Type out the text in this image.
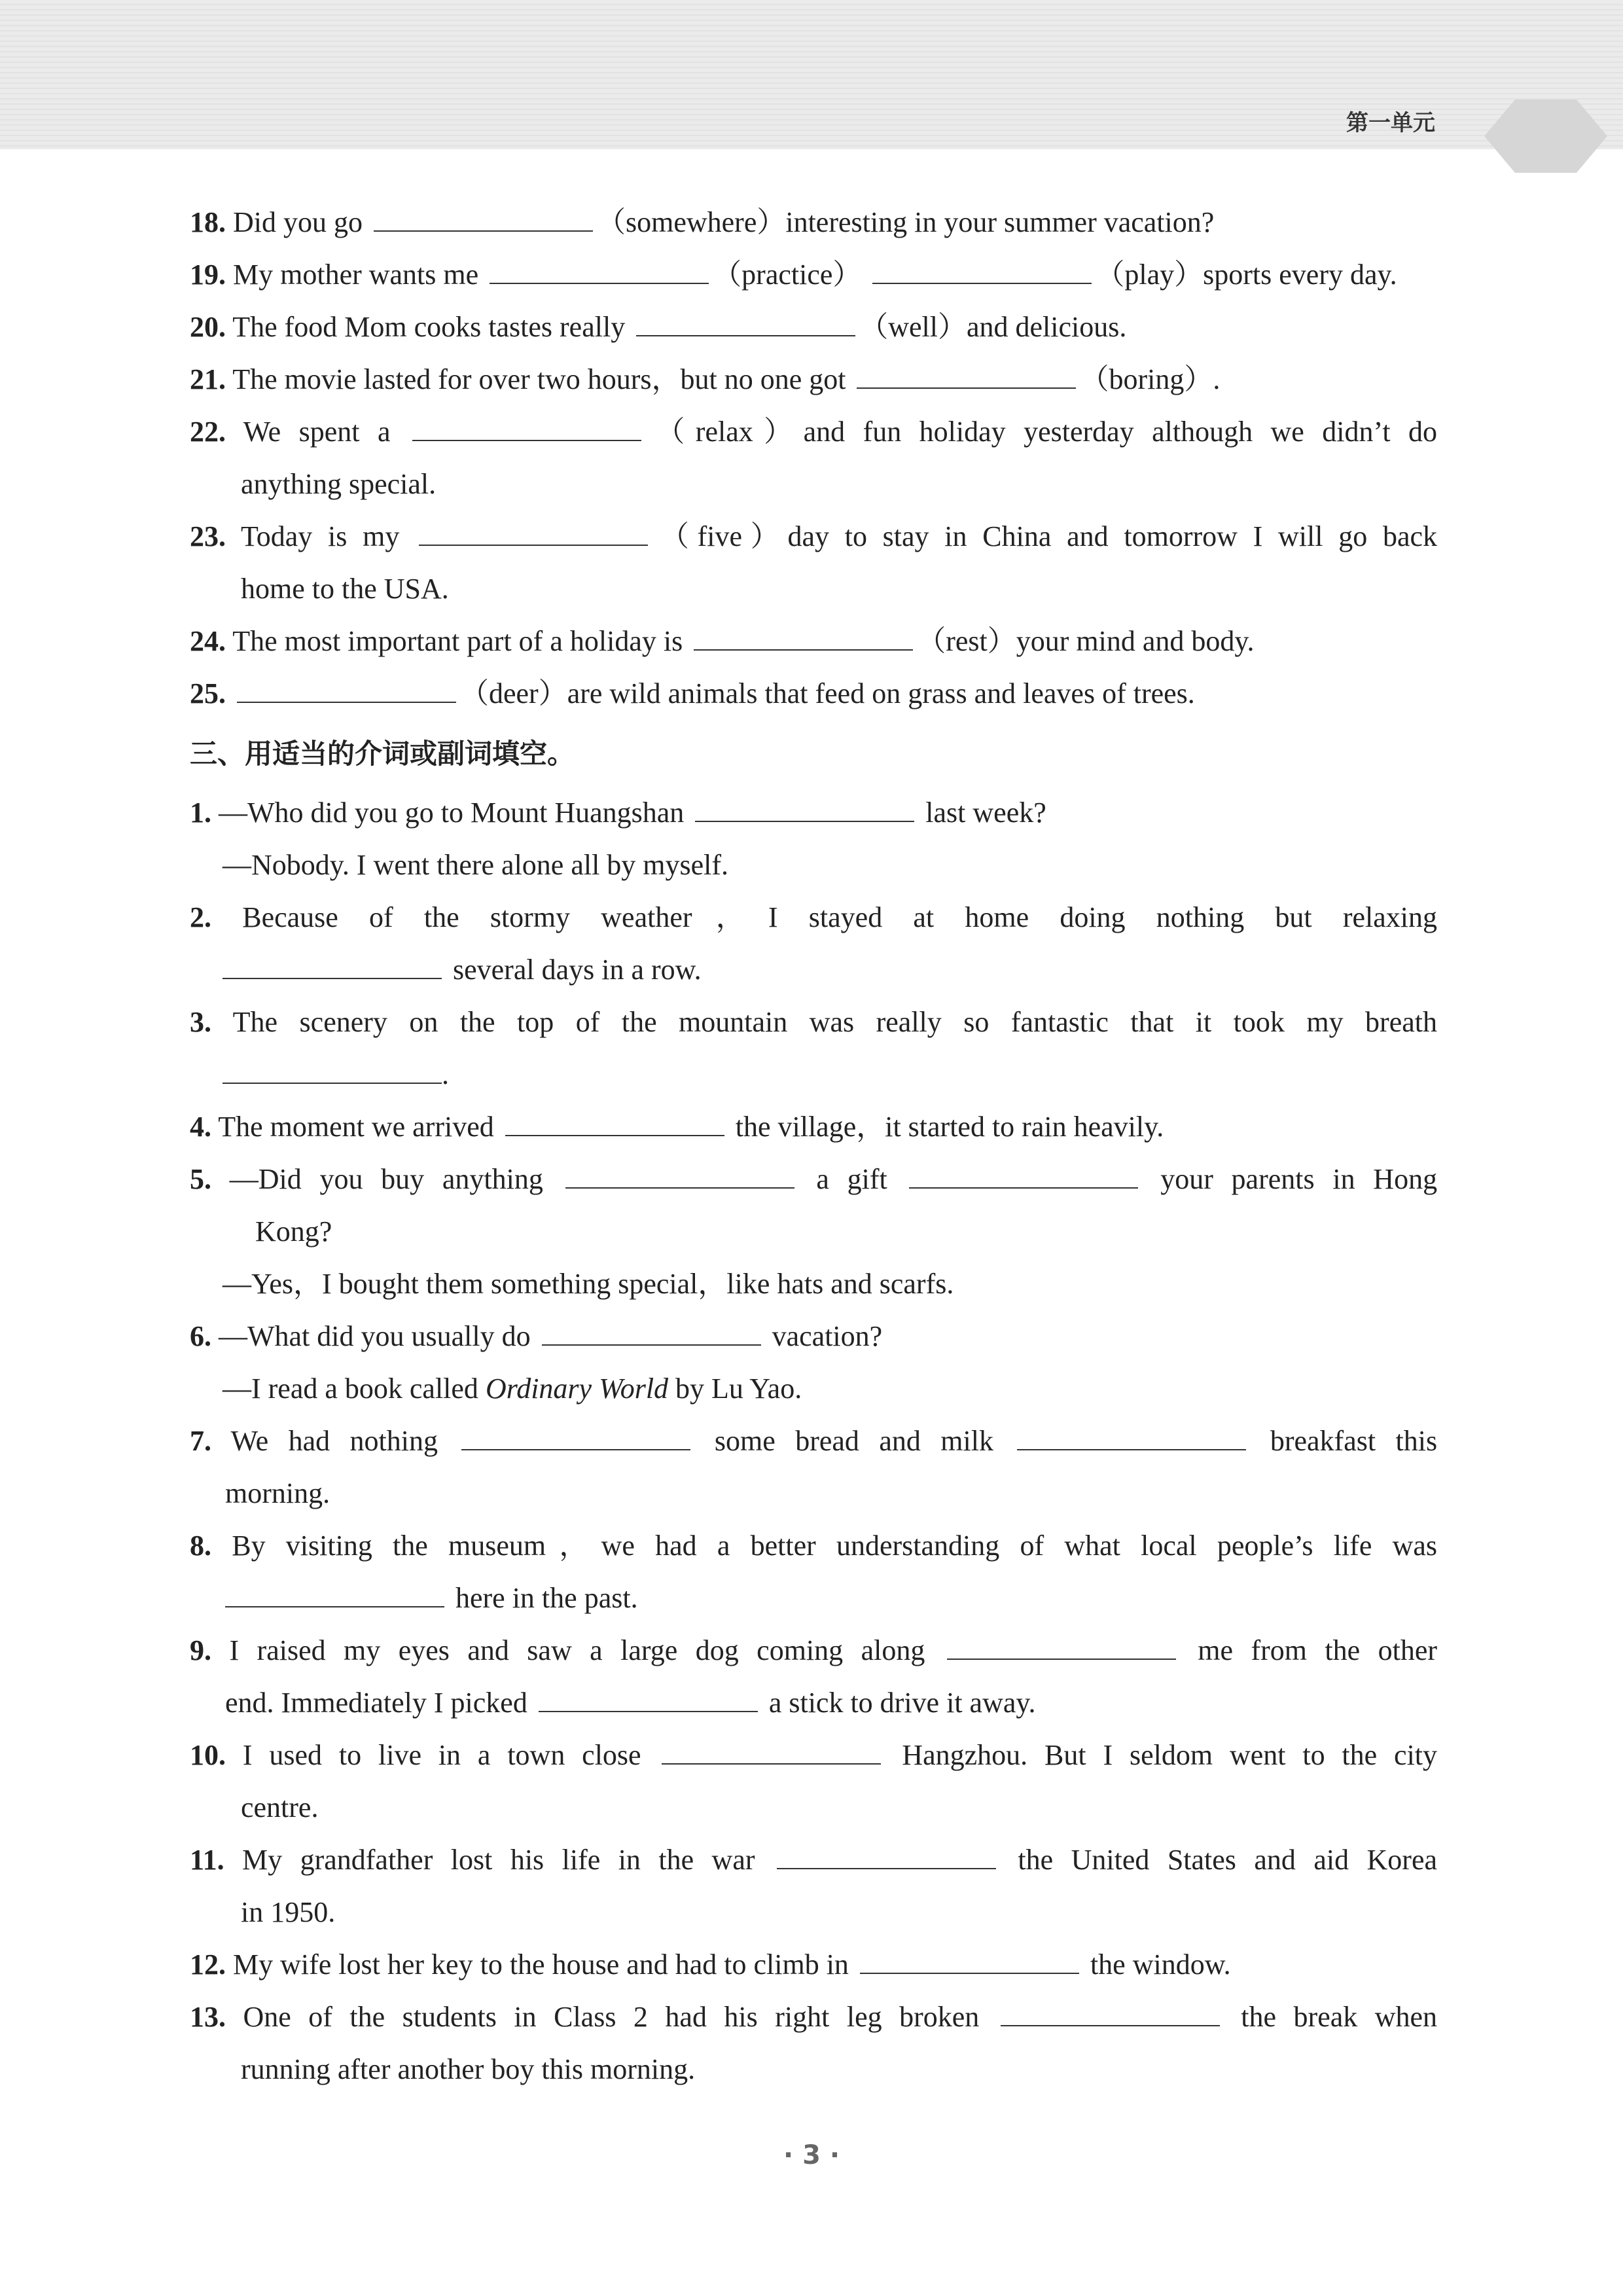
第一单元
18. Did you go	（somewhere）interesting in your summer vacation?
19. My mother wants me	（practice）	（play）sports every day.
20. The food Mom cooks tastes really	（well）and delicious.
21. The movie lasted for over two hours，but no one got	（boring）.
22. We spent a	（relax）and fun holiday yesterday although we didn’t do
anything special.
23. Today is my	（five）day to stay in China and tomorrow I will go back
home to the USA.
24. The most important part of a holiday is	（rest）your mind and body.
25.	（deer）are wild animals that feed on grass and leaves of trees.
三、用适当的介词或副词填空。
1. —Who did you go to Mount Huangshan	last week?
—Nobody. I went there alone all by myself.
2. Because of the stormy weather，I stayed at home doing nothing but relaxing
several days in a row.
3. The scenery on the top of the mountain was really so fantastic that it took my breath
.
4. The moment we arrived	the village，it started to rain heavily.
5. —Did you buy anything	a gift	your parents in Hong
Kong?
—Yes，I bought them something special，like hats and scarfs.
6. —What did you usually do	vacation?
—I read a book called Ordinary World by Lu Yao.
7. We had nothing	some bread and milk	breakfast this
morning.
8. By visiting the museum，we had a better understanding of what local people’s life was
here in the past.
9. I raised my eyes and saw a large dog coming along	me from the other
end. Immediately I picked	a stick to drive it away.
10. I used to live in a town close	Hangzhou. But I seldom went to the city
centre.
11. My grandfather lost his life in the war	the United States and aid Korea
in 1950.
12. My wife lost her key to the house and had to climb in	the window.
13. One of the students in Class 2 had his right leg broken	the break when
running after another boy this morning.
· 3 ·
